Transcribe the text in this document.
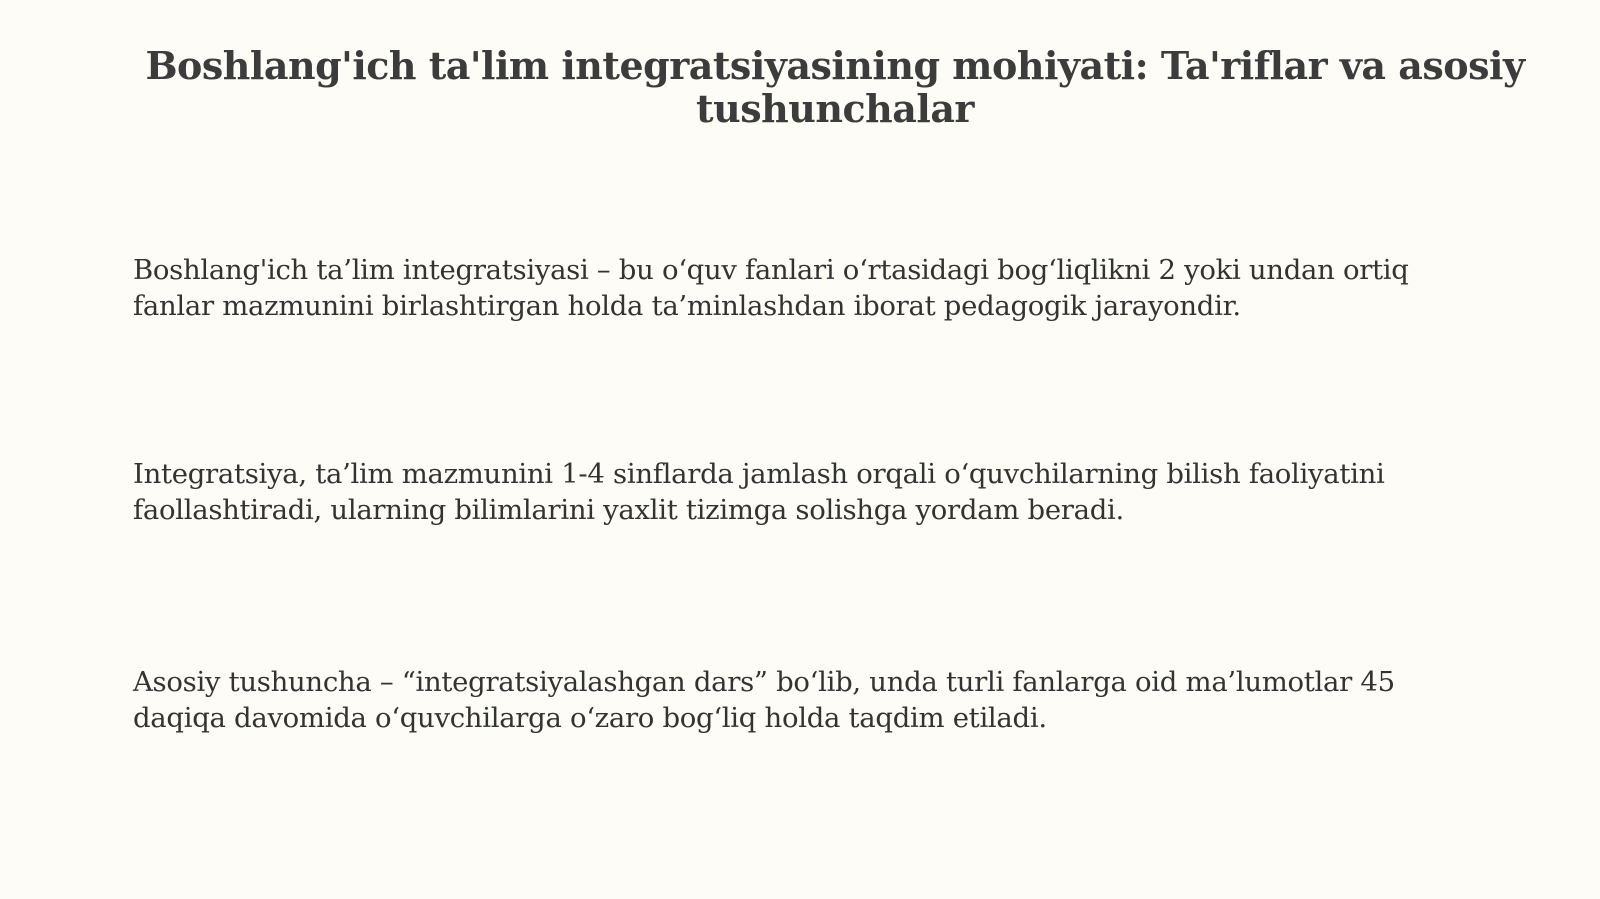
Boshlang'ich ta'lim integratsiyasining mohiyati: Ta'riflar va asosiy tushunchalar

Boshlang'ich ta’lim integratsiyasi – bu o‘quv fanlari o‘rtasidagi bog‘liqlikni 2 yoki undan ortiq fanlar mazmunini birlashtirgan holda ta’minlashdan iborat pedagogik jarayondir.

Integratsiya, ta’lim mazmunini 1-4 sinflarda jamlash orqali o‘quvchilarning bilish faoliyatini faollashtiradi, ularning bilimlarini yaxlit tizimga solishga yordam beradi.

Asosiy tushuncha – “integratsiyalashgan dars” bo‘lib, unda turli fanlarga oid ma’lumotlar 45 daqiqa davomida o‘quvchilarga o‘zaro bog‘liq holda taqdim etiladi.
